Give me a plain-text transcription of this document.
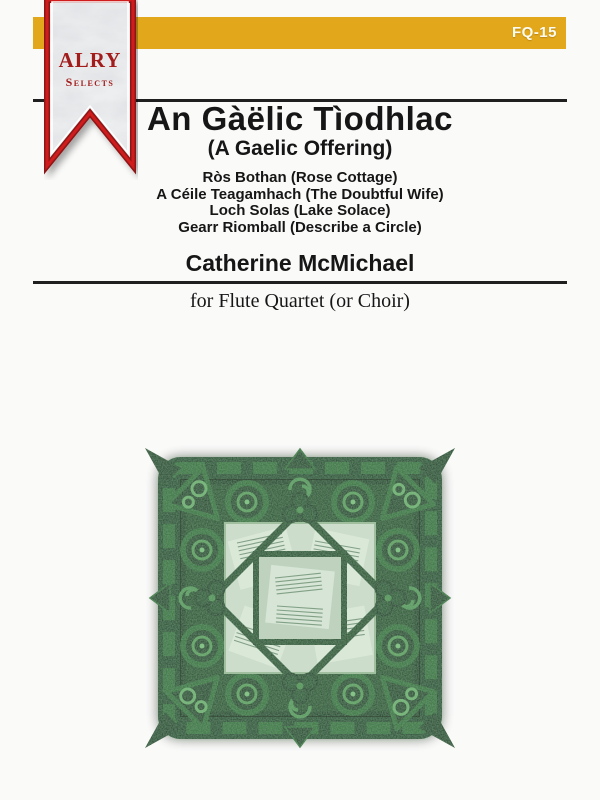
FQ-15
ALRY
Selects
An Gàëlic Tìodhlac
(A Gaelic Offering)
Ròs Bothan (Rose Cottage)
A Céile Teagamhach (The Doubtful Wife)
Loch Solas (Lake Solace)
Gearr Riomball (Describe a Circle)
Catherine McMichael
for Flute Quartet (or Choir)
